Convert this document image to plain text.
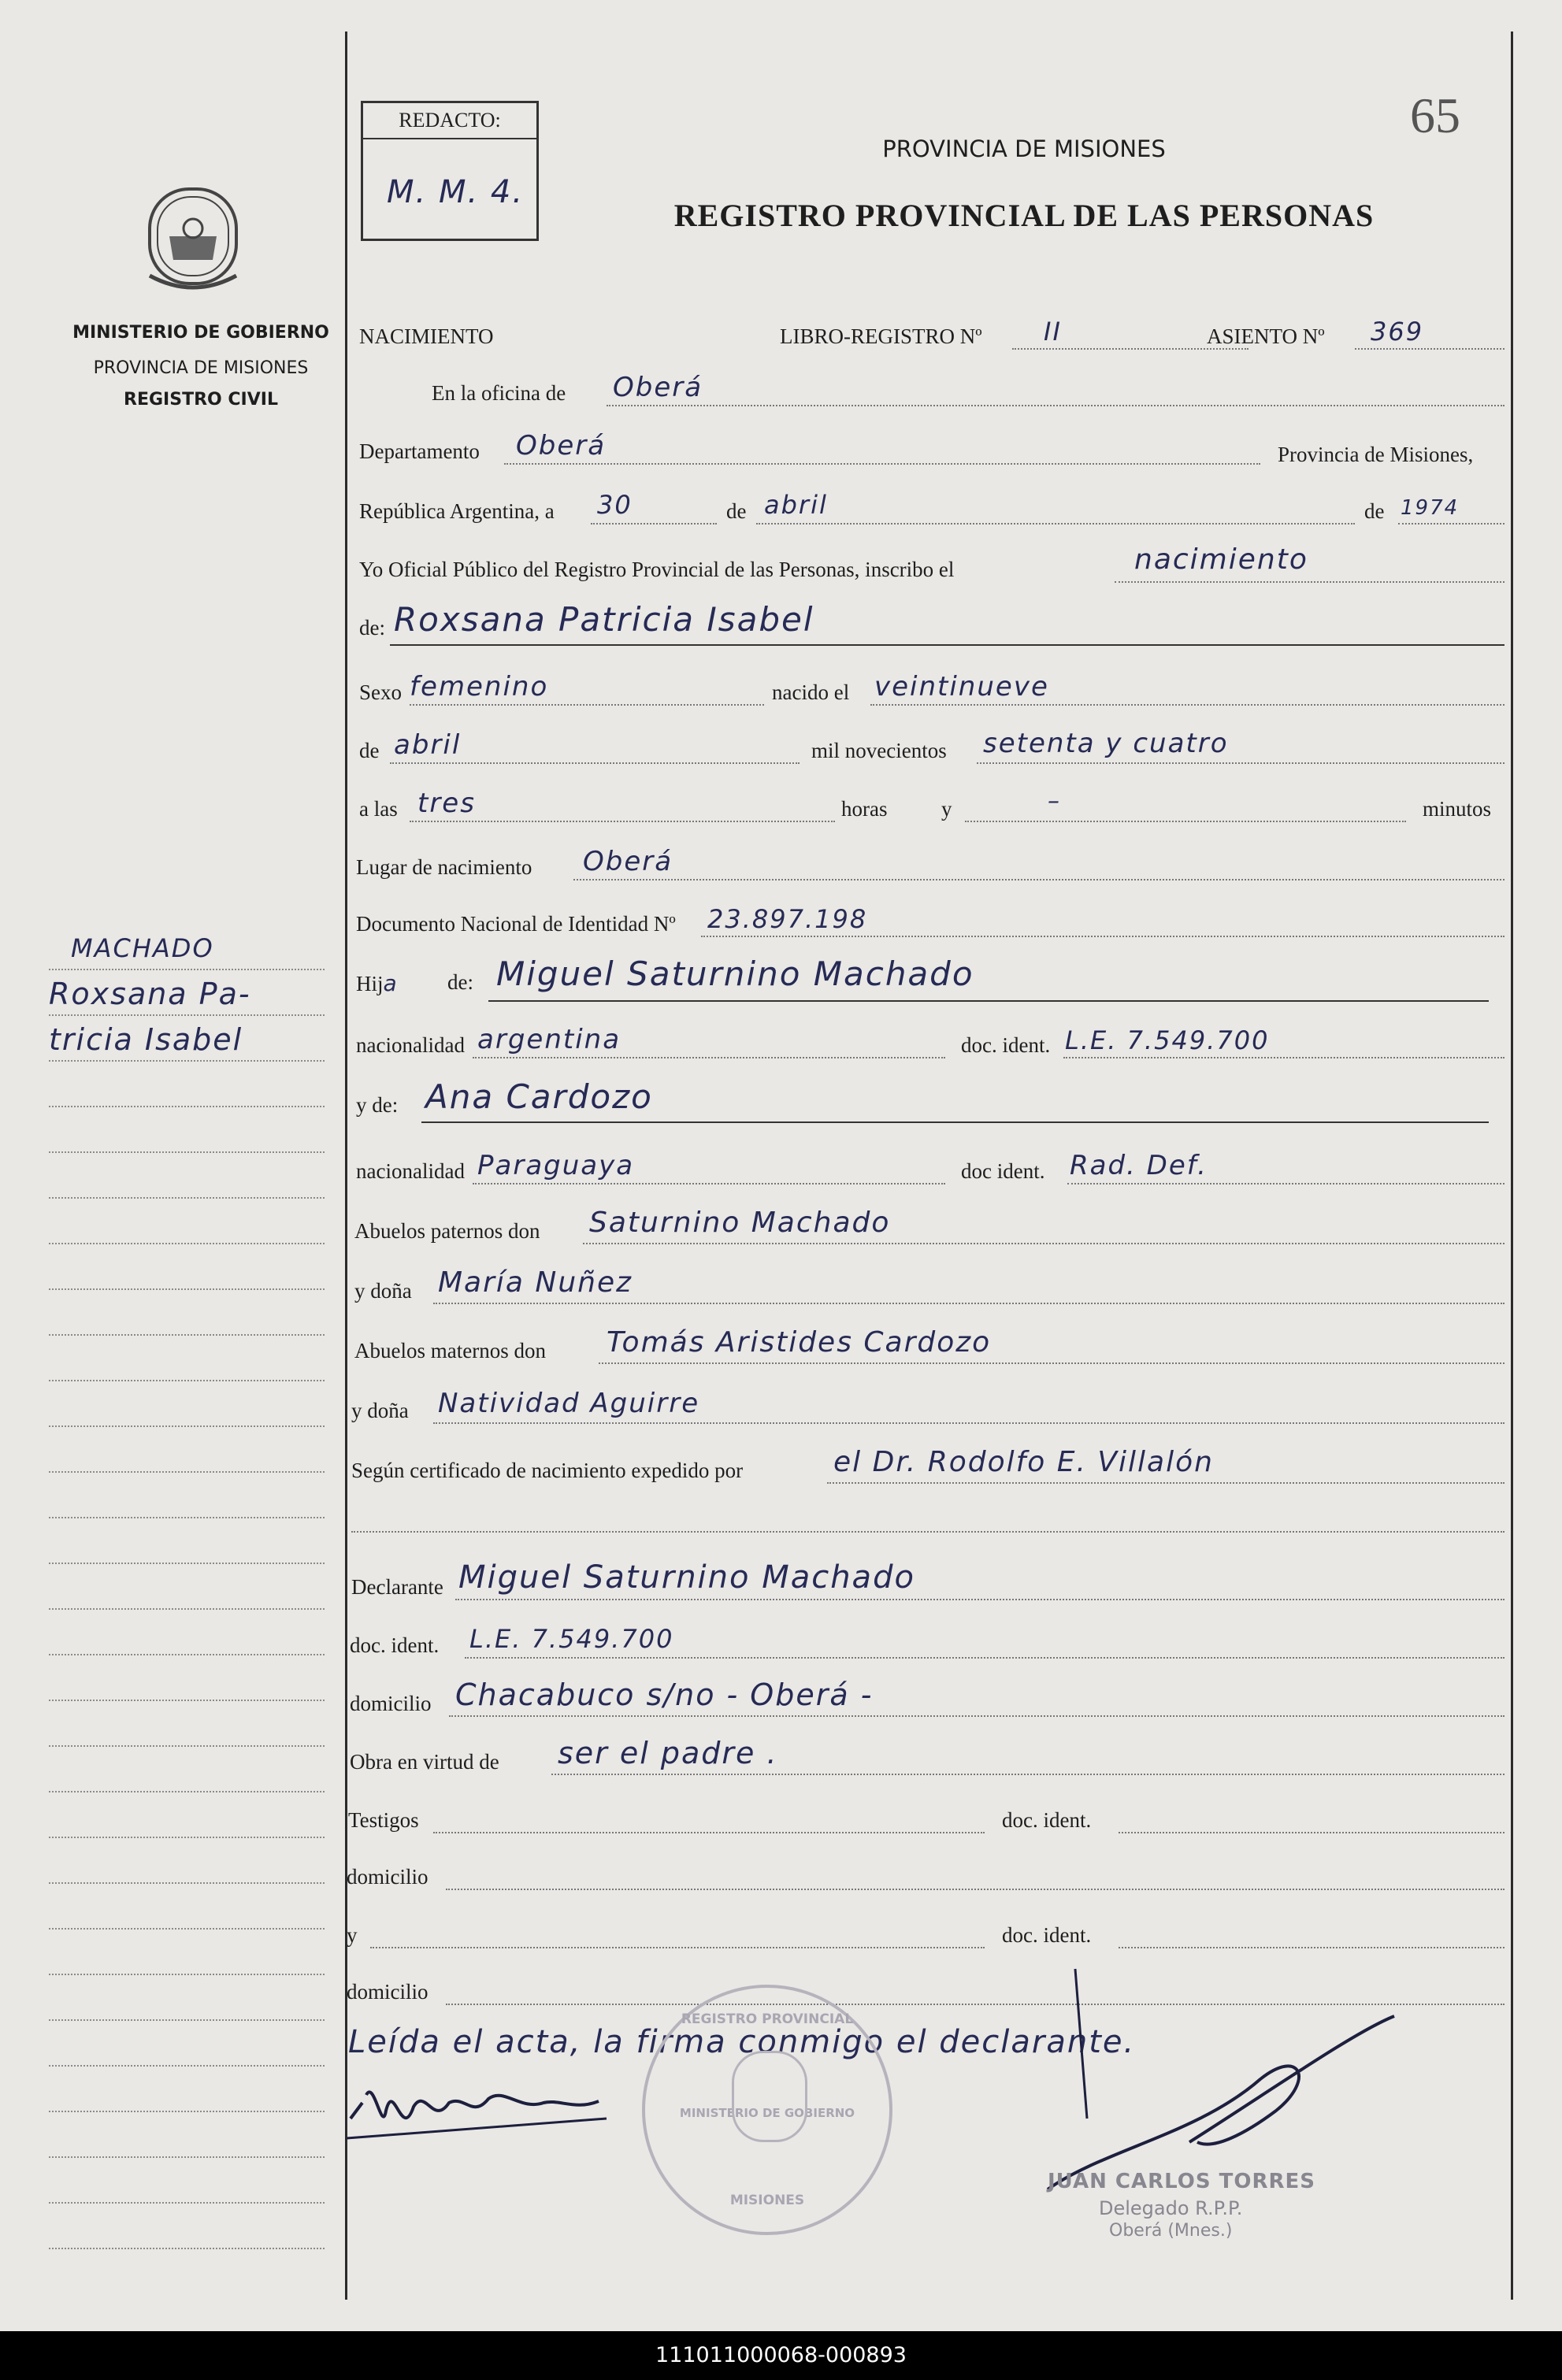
MINISTERIO DE GOBIERNO
PROVINCIA DE MISIONES
REGISTRO CIVIL
MACHADO
Roxsana Pa-
tricia Isabel
REDACTO:
M. M. 4.
65
PROVINCIA DE MISIONES
REGISTRO PROVINCIAL DE LAS PERSONAS
NACIMIENTO	LIBRO-REGISTRO Nº II	ASIENTO Nº 369
En la oficina de Oberá
Departamento Oberá	Provincia de Misiones,
República Argentina, a 30	de abril	de 1974
Yo Oficial Público del Registro Provincial de las Personas, inscribo el	nacimiento
de: Roxsana Patricia Isabel
Sexo femenino	nacido el veintinueve
de abril	mil novecientos setenta y cuatro
a las tres	horas	y	–	minutos
Lugar de nacimiento Oberá
Documento Nacional de Identidad Nº 23.897.198
Hija de: Miguel Saturnino Machado
nacionalidad argentina	doc. ident. L.E. 7.549.700
y de: Ana Cardozo
nacionalidad Paraguaya	doc ident. Rad. Def.
Abuelos paternos don Saturnino Machado
y doña María Nuñez
Abuelos maternos don Tomás Aristides Cardozo
y doña Natividad Aguirre
Según certificado de nacimiento expedido por	el Dr. Rodolfo E. Villalón
Declarante Miguel Saturnino Machado
doc. ident. L.E. 7.549.700
domicilio Chacabuco s/no - Oberá -
Obra en virtud de ser el padre .
Testigos	doc. ident.
domicilio
y	doc. ident.
domicilio
Leída el acta, la firma conmigo el declarante.
REGISTRO PROVINCIAL
MINISTERIO DE GOBIERNO
MISIONES
JUAN CARLOS TORRES
Delegado R.P.P.
Oberá (Mnes.)
111011000068-000893
